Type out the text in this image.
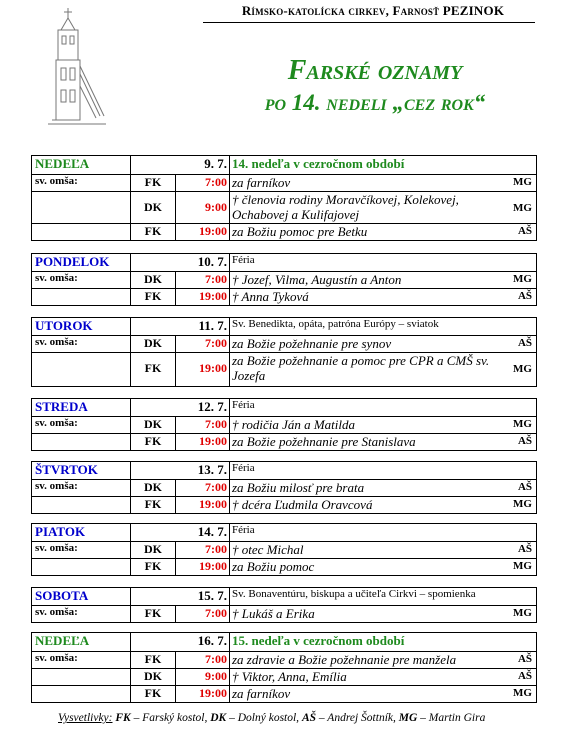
Rímsko-katolícka cirkev, Farnosť PEZINOK
Farské oznamy
po 14. nedeli „cez rok“
NEDEĽA	9. 7. 14. nedeľa v cezročnom období
sv. omša:	FK	7:00 za farníkov	MG
DK	9:00 † členovia rodiny Moravčíkovej, Kolekovej, Ochabovej a Kulifajovej	MG
FK	19:00 za Božiu pomoc pre Betku	AŠ
PONDELOK	10. 7. Féria
sv. omša:	DK	7:00 † Jozef, Vilma, Augustín a Anton	MG
FK	19:00 † Anna Tyková	AŠ
UTOROK	11. 7. Sv. Benedikta, opáta, patróna Európy – sviatok
sv. omša:	DK	7:00 za Božie požehnanie pre synov	AŠ
FK	19:00 za Božie požehnanie a pomoc pre CPR a CMŠ sv. Jozefa	MG
STREDA	12. 7. Féria
sv. omša:	DK	7:00 † rodičia Ján a Matilda	MG
FK	19:00 za Božie požehnanie pre Stanislava	AŠ
ŠTVRTOK	13. 7. Féria
sv. omša:	DK	7:00 za Božiu milosť pre brata	AŠ
FK	19:00 † dcéra Ľudmila Oravcová	MG
PIATOK	14. 7. Féria
sv. omša:	DK	7:00 † otec Michal	AŠ
FK	19:00 za Božiu pomoc	MG
SOBOTA	15. 7. Sv. Bonaventúru, biskupa a učiteľa Cirkvi – spomienka
sv. omša:	FK	7:00 † Lukáš a Erika	MG
NEDEĽA	16. 7. 15. nedeľa v cezročnom období
sv. omša:	FK	7:00 za zdravie a Božie požehnanie pre manžela	AŠ
DK	9:00 † Viktor, Anna, Emília	AŠ
FK	19:00 za farníkov	MG
Vysvetlivky: FK – Farský kostol, DK – Dolný kostol, AŠ – Andrej Šottník, MG – Martin Gira
